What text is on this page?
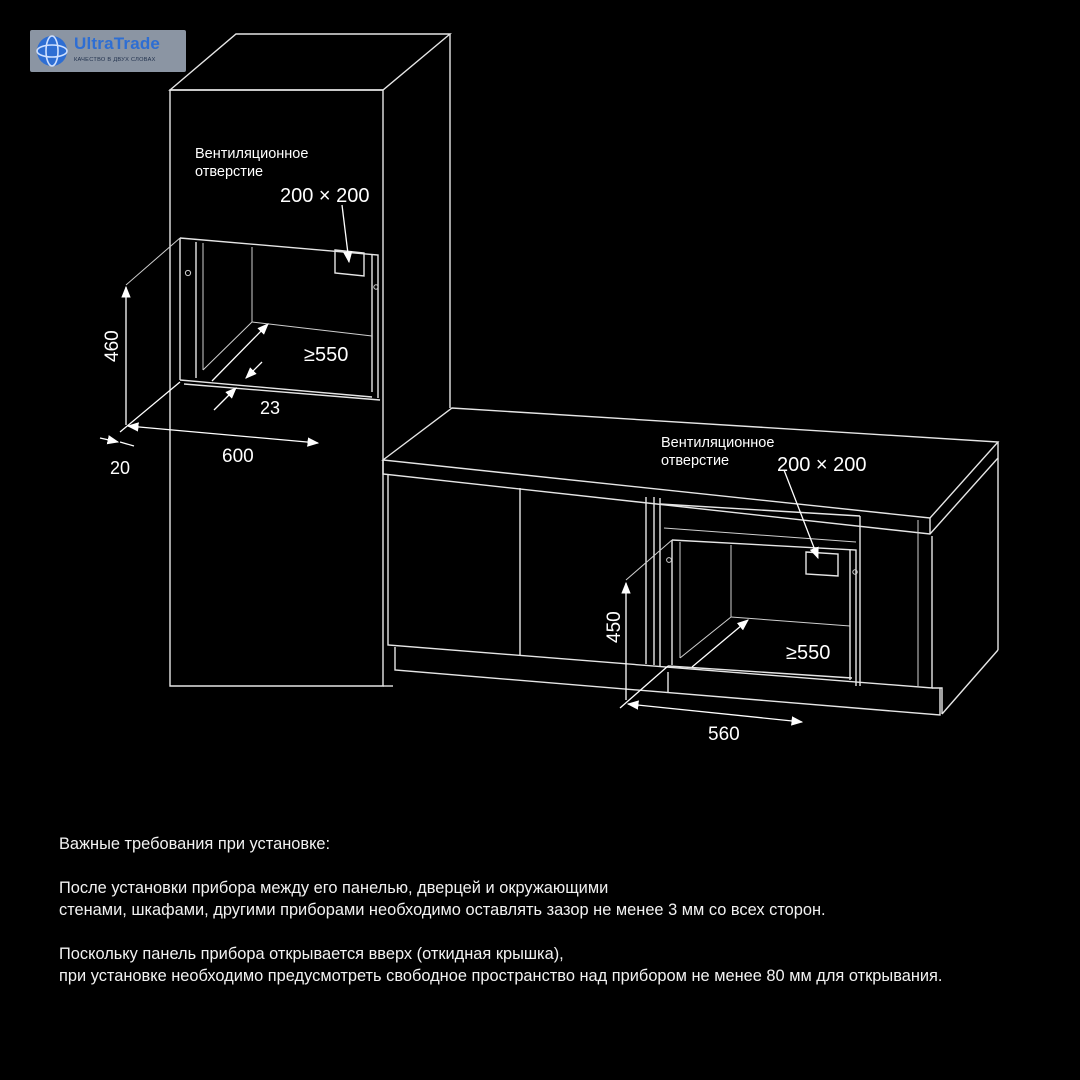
UltraTrade
КАЧЕСТВО В ДВУХ СЛОВАХ
Вентиляционное
отверстие
200 × 200
460	≥550
23
600
20
Вентиляционное
отверстие 200 × 200
450
≥550
560

Важные требования при установке:

После установки прибора между его панелью, дверцей и окружающими

стенами, шкафами, другими приборами необходимо оставлять зазор не менее 3 мм со всех сторон.

Поскольку панель прибора открывается вверх (откидная крышка),

при установке необходимо предусмотреть свободное пространство над прибором не менее 80 мм для открывания.
